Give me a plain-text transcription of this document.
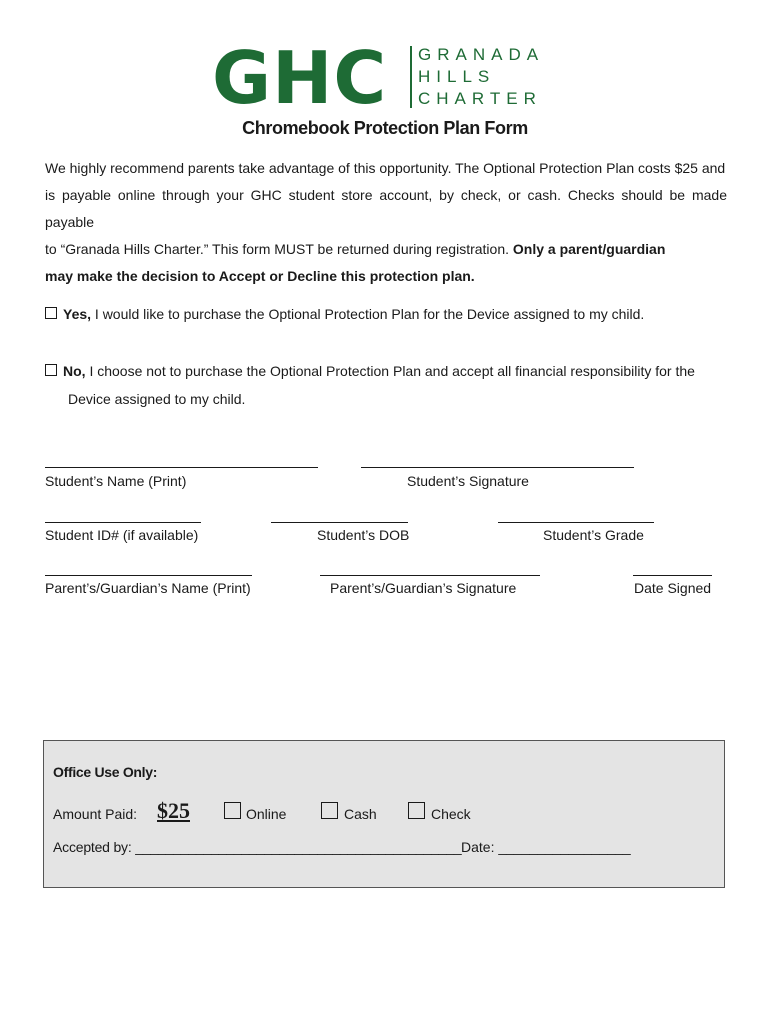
GHC GRANADA
HILLS
CHARTER
Chromebook Protection Plan Form

We highly recommend parents take advantage of this opportunity. The Optional Protection Plan costs $25 and

is payable online through your GHC student store account, by check, or cash. Checks should be made payable

to “Granada Hills Charter.” This form MUST be returned during registration. Only a parent/guardian

may make the decision to Accept or Decline this protection plan.

Yes, I would like to purchase the Optional Protection Plan for the Device assigned to my child.
No, I choose not to purchase the Optional Protection Plan and accept all financial responsibility for the
Device assigned to my child.
Student’s Name (Print)	Student’s Signature
Student ID# (if available)	Student’s DOB	Student’s Grade
Parent’s/Guardian’s Name (Print)	Parent’s/Guardian’s Signature	Date Signed
Office Use Only:
Amount Paid: $25	Online	Cash	Check
Accepted by: ___________________________________________ Date: _________________
